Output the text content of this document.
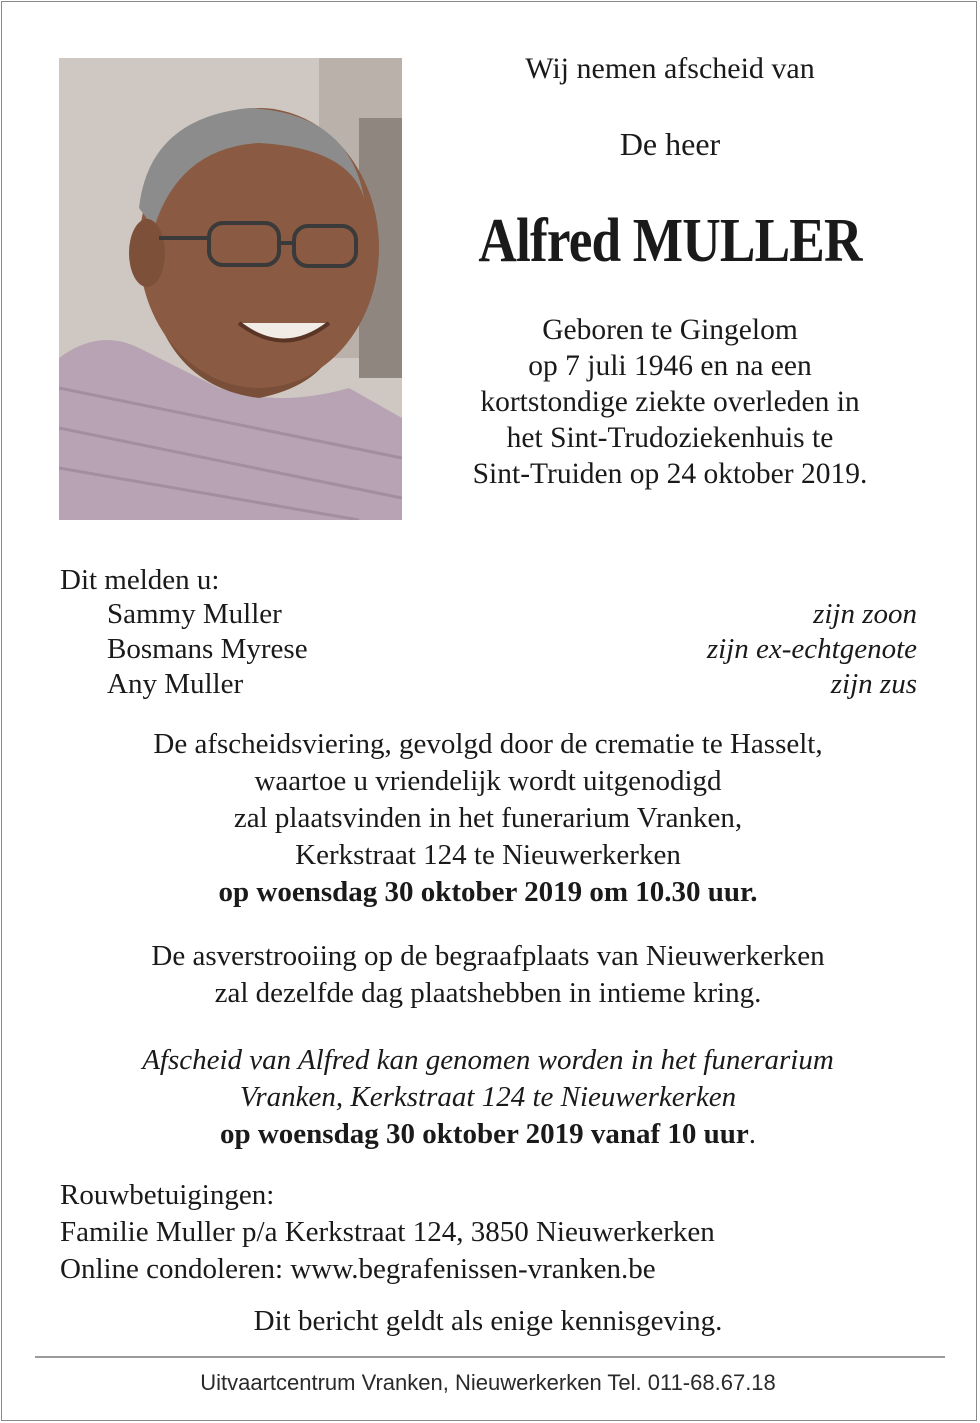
Wij nemen afscheid van
De heer
Alfred MULLER
Geboren te Gingelom
op 7 juli 1946 en na een
kortstondige ziekte overleden in
het Sint-Trudoziekenhuis te
Sint-Truiden op 24 oktober 2019.
Dit melden u:
Sammy Muller	zijn zoon
Bosmans Myrese	zijn ex-echtgenote
Any Muller	zijn zus
De afscheidsviering, gevolgd door de crematie te Hasselt,
waartoe u vriendelijk wordt uitgenodigd
zal plaatsvinden in het funerarium Vranken,
Kerkstraat 124 te Nieuwerkerken
op woensdag 30 oktober 2019 om 10.30 uur.
De asverstrooiing op de begraafplaats van Nieuwerkerken
zal dezelfde dag plaatshebben in intieme kring.
Afscheid van Alfred kan genomen worden in het funerarium
Vranken, Kerkstraat 124 te Nieuwerkerken
op woensdag 30 oktober 2019 vanaf 10 uur.
Rouwbetuigingen:
Familie Muller p/a Kerkstraat 124, 3850 Nieuwerkerken
Online condoleren: www.begrafenissen-vranken.be
Dit bericht geldt als enige kennisgeving.
Uitvaartcentrum Vranken, Nieuwerkerken Tel. 011-68.67.18
